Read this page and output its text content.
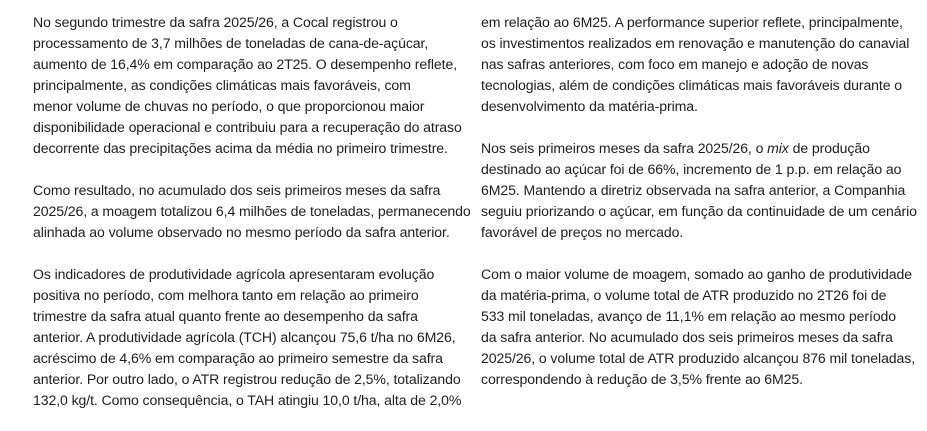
No segundo trimestre da safra 2025/26, a Cocal registrou o
processamento de 3,7 milhões de toneladas de cana-de-açúcar,
aumento de 16,4% em comparação ao 2T25. O desempenho reflete,
principalmente, as condições climáticas mais favoráveis, com
menor volume de chuvas no período, o que proporcionou maior
disponibilidade operacional e contribuiu para a recuperação do atraso
decorrente das precipitações acima da média no primeiro trimestre.
Como resultado, no acumulado dos seis primeiros meses da safra
2025/26, a moagem totalizou 6,4 milhões de toneladas, permanecendo
alinhada ao volume observado no mesmo período da safra anterior.
Os indicadores de produtividade agrícola apresentaram evolução
positiva no período, com melhora tanto em relação ao primeiro
trimestre da safra atual quanto frente ao desempenho da safra
anterior. A produtividade agrícola (TCH) alcançou 75,6 t/ha no 6M26,
acréscimo de 4,6% em comparação ao primeiro semestre da safra
anterior. Por outro lado, o ATR registrou redução de 2,5%, totalizando
132,0 kg/t. Como consequência, o TAH atingiu 10,0 t/ha, alta de 2,0%
em relação ao 6M25. A performance superior reflete, principalmente,
os investimentos realizados em renovação e manutenção do canavial
nas safras anteriores, com foco em manejo e adoção de novas
tecnologias, além de condições climáticas mais favoráveis durante o
desenvolvimento da matéria-prima.
Nos seis primeiros meses da safra 2025/26, o mix de produção
destinado ao açúcar foi de 66%, incremento de 1 p.p. em relação ao
6M25. Mantendo a diretriz observada na safra anterior, a Companhia
seguiu priorizando o açúcar, em função da continuidade de um cenário
favorável de preços no mercado.
Com o maior volume de moagem, somado ao ganho de produtividade
da matéria-prima, o volume total de ATR produzido no 2T26 foi de
533 mil toneladas, avanço de 11,1% em relação ao mesmo período
da safra anterior. No acumulado dos seis primeiros meses da safra
2025/26, o volume total de ATR produzido alcançou 876 mil toneladas,
correspondendo à redução de 3,5% frente ao 6M25.
